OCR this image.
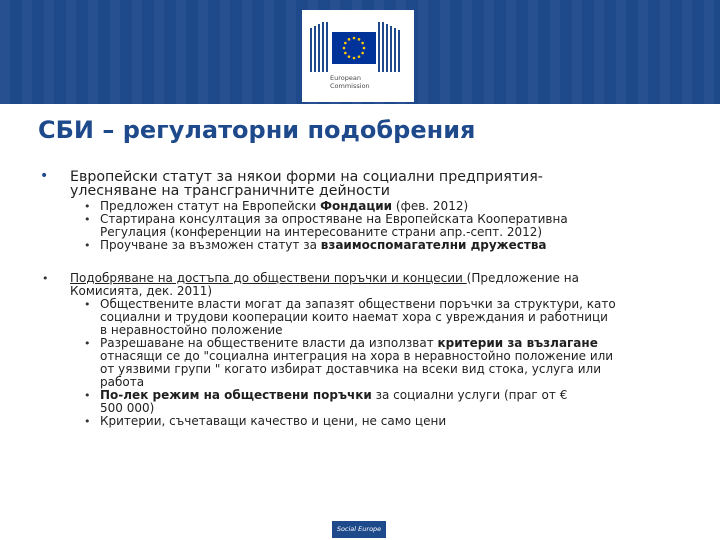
European
Commission
СБИ – регулаторни подобрения
• Европейски статут за някои форми на социални предприятия-
улесняване на трансграничните дейности
• Предложен статут на Европейски Фондации (фев. 2012)
• Стартирана консултация за опростяване на Европейската Кооперативна
Регулация (конференции на интересованите страни апр.-септ. 2012)
• Проучване за възможен статут за взаимоспомагателни дружества
• Подобряване на достъпа до обществени поръчки и концесии (Предложение на
Комисията, дек. 2011)
• Обществените власти могат да запазят обществени поръчки за структури, като
социални и трудови кооперации които наемат хора с увреждания и работници
в неравностойно положение
• Разрешаване на обществените власти да използват критерии за възлагане
отнасящи се до "социална интеграция на хора в неравностойно положение или
от уязвими групи " когато избират доставчика на всеки вид стока, услуга или
работа
• По-лек режим на обществени поръчки за социални услуги (праг от €
500 000)
• Критерии, съчетаващи качество и цени, не само цени
Social Europe
